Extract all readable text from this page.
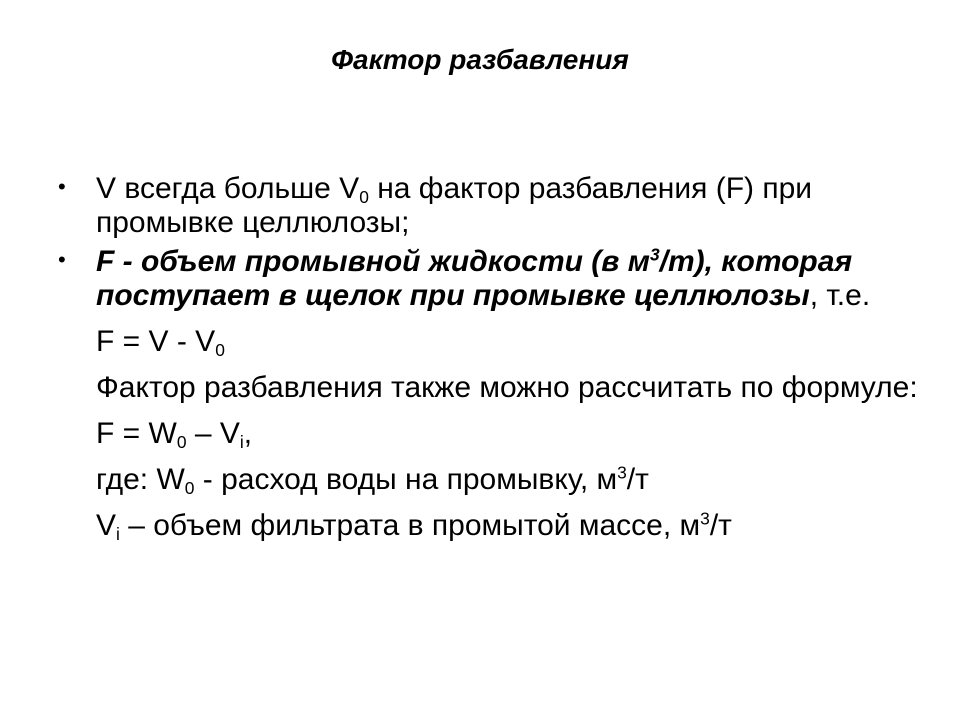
Фактор разбавления
• V всегда больше $V_0$ на фактор разбавления (F) при промывке целлюлозы;

• F - объем промывной жидкости (в $м^3/т$), которая поступает в щелок при промывке целлюлозы, т.е.

$F = V - V_0$

Фактор разбавления также можно рассчитать по формуле:

$F = W_0 - V_i$,

где: $W_0$ - расход воды на промывку, $м^3/т$

$V_i$ – объем фильтрата в промытой массе, $м^3/т$
